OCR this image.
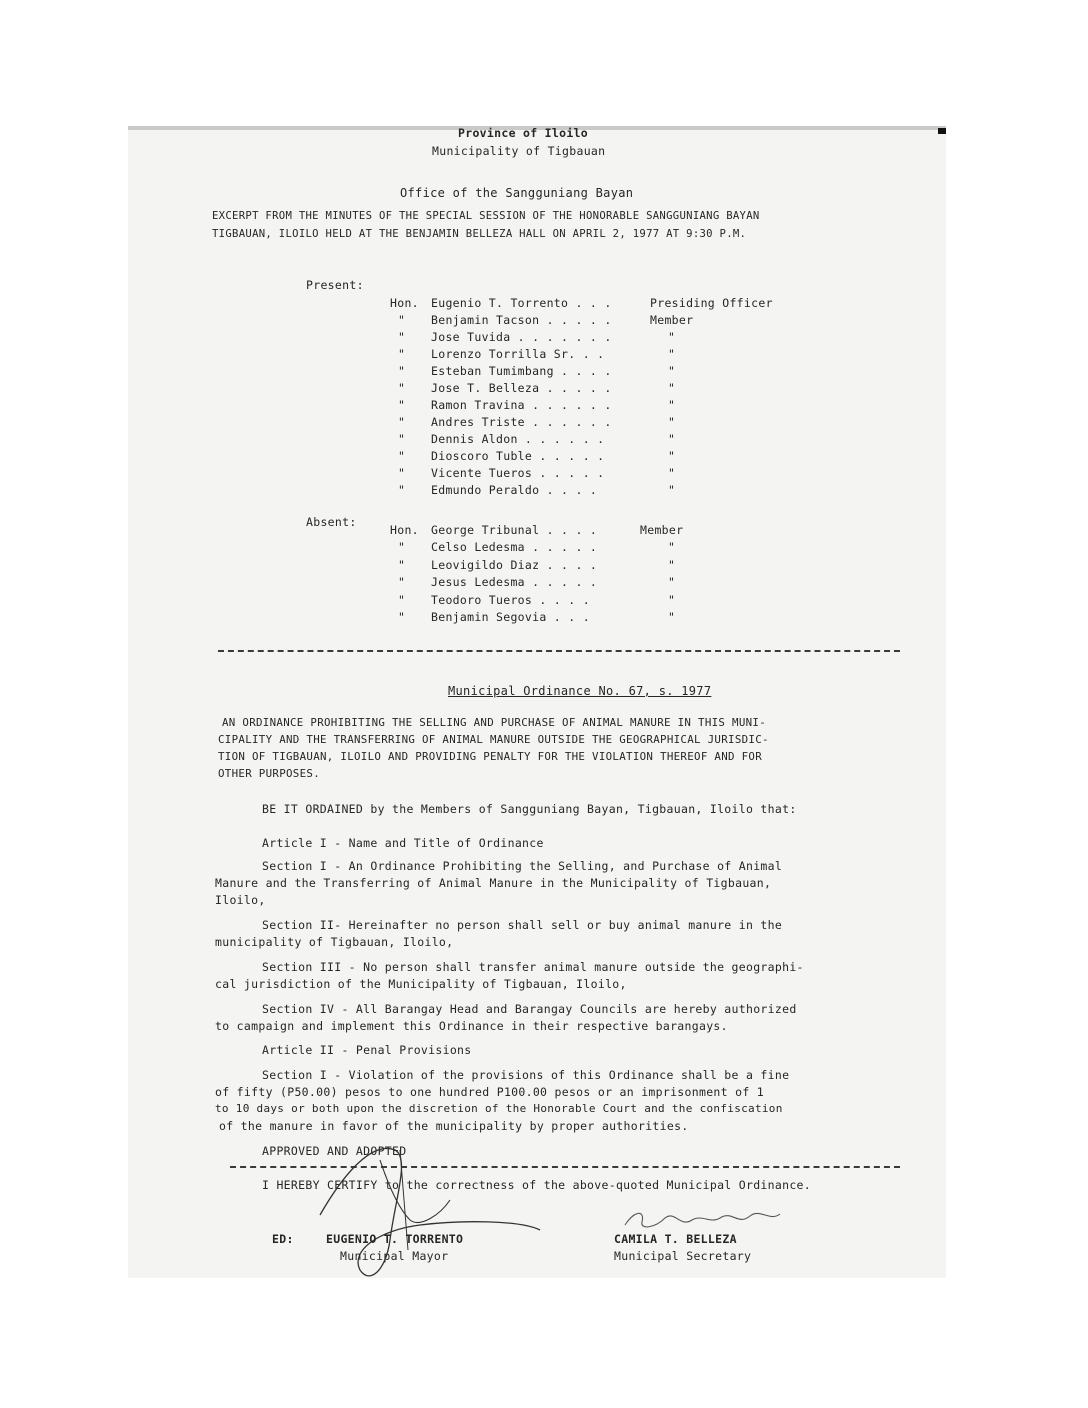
Province of Iloilo
Municipality of Tigbauan
Office of the Sangguniang Bayan
EXCERPT FROM THE MINUTES OF THE SPECIAL SESSION OF THE HONORABLE SANGGUNIANG BAYAN
TIGBAUAN, ILOILO HELD AT THE BENJAMIN BELLEZA HALL ON APRIL 2, 1977 AT 9:30 P.M.
Present:
Hon. Eugenio T. Torrento . . .	Presiding Officer
" Benjamin Tacson . . . . .	Member
" Jose Tuvida . . . . . . .	"
" Lorenzo Torrilla Sr. . .	"
" Esteban Tumimbang . . . .	"
" Jose T. Belleza . . . . .	"
" Ramon Travina . . . . . .	"
" Andres Triste . . . . . .	"
" Dennis Aldon . . . . . .	"
" Dioscoro Tuble . . . . .	"
" Vicente Tueros . . . . .	"
" Edmundo Peraldo . . . .	"
Absent:
Hon. George Tribunal . . . .	Member
" Celso Ledesma . . . . .	"
" Leovigildo Diaz . . . .	"
" Jesus Ledesma . . . . .	"
" Teodoro Tueros . . . .	"
" Benjamin Segovia . . .	"
Municipal Ordinance No. 67, s. 1977
AN ORDINANCE PROHIBITING THE SELLING AND PURCHASE OF ANIMAL MANURE IN THIS MUNI-
CIPALITY AND THE TRANSFERRING OF ANIMAL MANURE OUTSIDE THE GEOGRAPHICAL JURISDIC-
TION OF TIGBAUAN, ILOILO AND PROVIDING PENALTY FOR THE VIOLATION THEREOF AND FOR
OTHER PURPOSES.
BE IT ORDAINED by the Members of Sangguniang Bayan, Tigbauan, Iloilo that:
Article I - Name and Title of Ordinance
Section I - An Ordinance Prohibiting the Selling, and Purchase of Animal
Manure and the Transferring of Animal Manure in the Municipality of Tigbauan,
Iloilo,
Section II- Hereinafter no person shall sell or buy animal manure in the
municipality of Tigbauan, Iloilo,
Section III - No person shall transfer animal manure outside the geographi-
cal jurisdiction of the Municipality of Tigbauan, Iloilo,
Section IV - All Barangay Head and Barangay Councils are hereby authorized
to campaign and implement this Ordinance in their respective barangays.
Article II - Penal Provisions
Section I - Violation of the provisions of this Ordinance shall be a fine
of fifty (P50.00) pesos to one hundred P100.00 pesos or an imprisonment of 1
to 10 days or both upon the discretion of the Honorable Court and the confiscation
of the manure in favor of the municipality by proper authorities.
APPROVED AND ADOPTED
I HEREBY CERTIFY to the correctness of the above-quoted Municipal Ordinance.
ED:	EUGENIO T. TORRENTO
Municipal Mayor
CAMILA T. BELLEZA
Municipal Secretary
